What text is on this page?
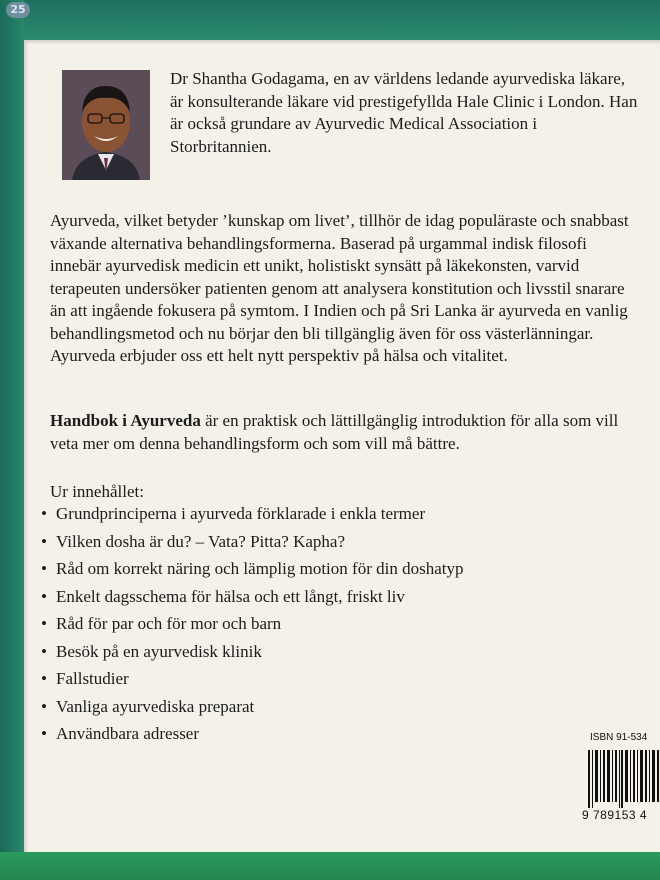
25
Dr Shantha Godagama, en av världens ledande ayurvediska läkare, är konsulterande läkare vid prestigefyllda Hale Clinic i London. Han är också grundare av Ayurvedic Medical Association i Storbritannien.
Ayurveda, vilket betyder ’kunskap om livet’, tillhör de idag populäraste och snabbast växande alternativa behandlingsformerna. Baserad på urgammal indisk filosofi innebär ayurvedisk medicin ett unikt, holistiskt synsätt på läkekonsten, varvid terapeuten undersöker patienten genom att analysera konstitution och livsstil snarare än att ingående fokusera på symtom. I Indien och på Sri Lanka är ayurveda en vanlig behandlingsmetod och nu börjar den bli tillgänglig även för oss västerlänningar. Ayurveda erbjuder oss ett helt nytt perspektiv på hälsa och vitalitet.
Handbok i Ayurveda är en praktisk och lättillgänglig introduktion för alla som vill veta mer om denna behandlingsform och som vill må bättre.
Ur innehållet:
• Grundprinciperna i ayurveda förklarade i enkla termer
• Vilken dosha är du? – Vata? Pitta? Kapha?
• Råd om korrekt näring och lämplig motion för din doshatyp
• Enkelt dagsschema för hälsa och ett långt, friskt liv
• Råd för par och för mor och barn
• Besök på en ayurvedisk klinik
• Fallstudier
• Vanliga ayurvediska preparat
• Användbara adresser	ISBN 91-534
9 789153 4
